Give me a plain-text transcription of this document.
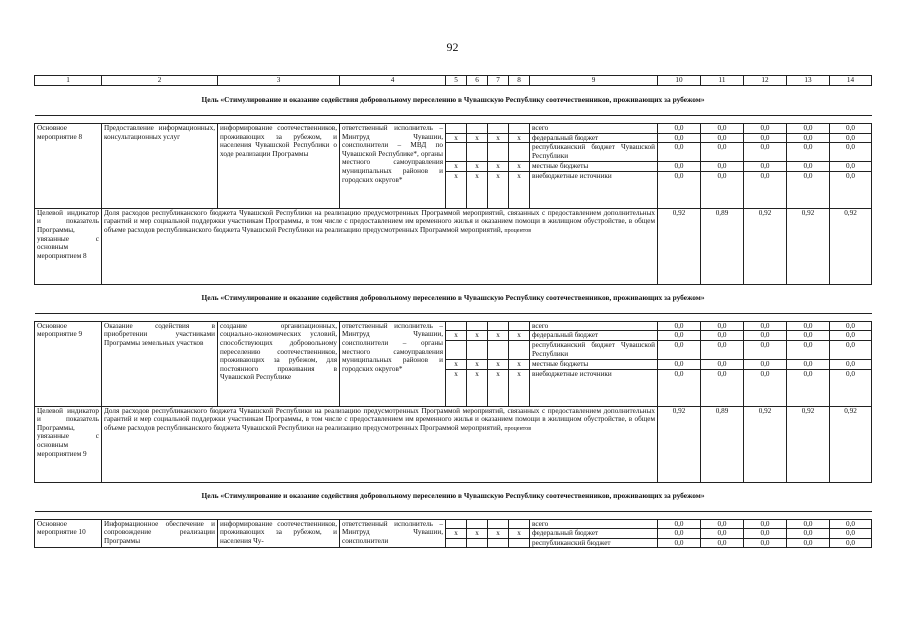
92
1	2	3	4	5	6	7	8	9	10	11	12	13	14
Цель «Стимулирование и оказание содействия добровольному переселению в Чувашскую Республику соотечественников, проживающих за рубежом»													

Основное мероприятие 8	Предоставление информационных, консультационных услуг	информирование соотечественников, проживающих за рубежом, и населения Чувашской Республики о ходе реализации Программы	ответственный исполнитель – Минтруд Чувашии, соисполнители – МВД по Чувашской Республике*, органы местного самоуправления муниципальных районов и городских округов*					всего	0,0	0,0	0,0	0,0	0,0
				x	x	x	x	федеральный бюджет	0,0	0,0	0,0	0,0	0,0
								республиканский бюджет Чувашской Республики	0,0	0,0	0,0	0,0	0,0
				x	x	x	x	местные бюджеты	0,0	0,0	0,0	0,0	0,0
				x	x	x	x	внебюджетные источники	0,0	0,0	0,0	0,0	0,0
Целевой индикатор и показатель Программы, увязанные с основным мероприятием 8	Доля расходов республиканского бюджета Чувашской Республики на реализацию предусмотренных Программой мероприятий, связанных с предоставлением дополнительных гарантий и мер социальной поддержки участникам Программы, в том числе с предоставлением им временного жилья и оказанием помощи в жилищном обустройстве, в общем объеме расходов республиканского бюджета Чувашской Республики на реализацию предусмотренных Программой мероприятий, процентов								0,92	0,89	0,92	0,92	0,92
Цель «Стимулирование и оказание содействия добровольному переселению в Чувашскую Республику соотечественников, проживающих за рубежом»													

Основное мероприятие 9	Оказание содействия в приобретении участниками Программы земельных участков	создание организационных, социально-экономических условий, способствующих добровольному переселению соотечественников, проживающих за рубежом, для постоянного проживания в Чувашской Республике	ответственный исполнитель – Минтруд Чувашии, соисполнители – органы местного самоуправления муниципальных районов и городских округов*					всего	0,0	0,0	0,0	0,0	0,0
				x	x	x	x	федеральный бюджет	0,0	0,0	0,0	0,0	0,0
								республиканский бюджет Чувашской Республики	0,0	0,0	0,0	0,0	0,0
				x	x	x	x	местные бюджеты	0,0	0,0	0,0	0,0	0,0
				x	x	x	x	внебюджетные источники	0,0	0,0	0,0	0,0	0,0
Целевой индикатор и показатель Программы, увязанные с основным мероприятием 9	Доля расходов республиканского бюджета Чувашской Республики на реализацию предусмотренных Программой мероприятий, связанных с предоставлением дополнительных гарантий и мер социальной поддержки участникам Программы, в том числе с предоставлением им временного жилья и оказанием помощи в жилищном обустройстве, в общем объеме расходов республиканского бюджета Чувашской Республики на реализацию предусмотренных Программой мероприятий, процентов								0,92	0,89	0,92	0,92	0,92
Цель «Стимулирование и оказание содействия добровольному переселению в Чувашскую Республику соотечественников, проживающих за рубежом»													

Основное мероприятие 10	Информационное обеспечение и сопровождение реализации Программы	информирование соотечественников, проживающих за рубежом, и населения Чу-	ответственный исполнитель – Минтруд Чувашии, соисполнители					всего	0,0	0,0	0,0	0,0	0,0
				x	x	x	x	федеральный бюджет	0,0	0,0	0,0	0,0	0,0
								республиканский бюджет	0,0	0,0	0,0	0,0	0,0
